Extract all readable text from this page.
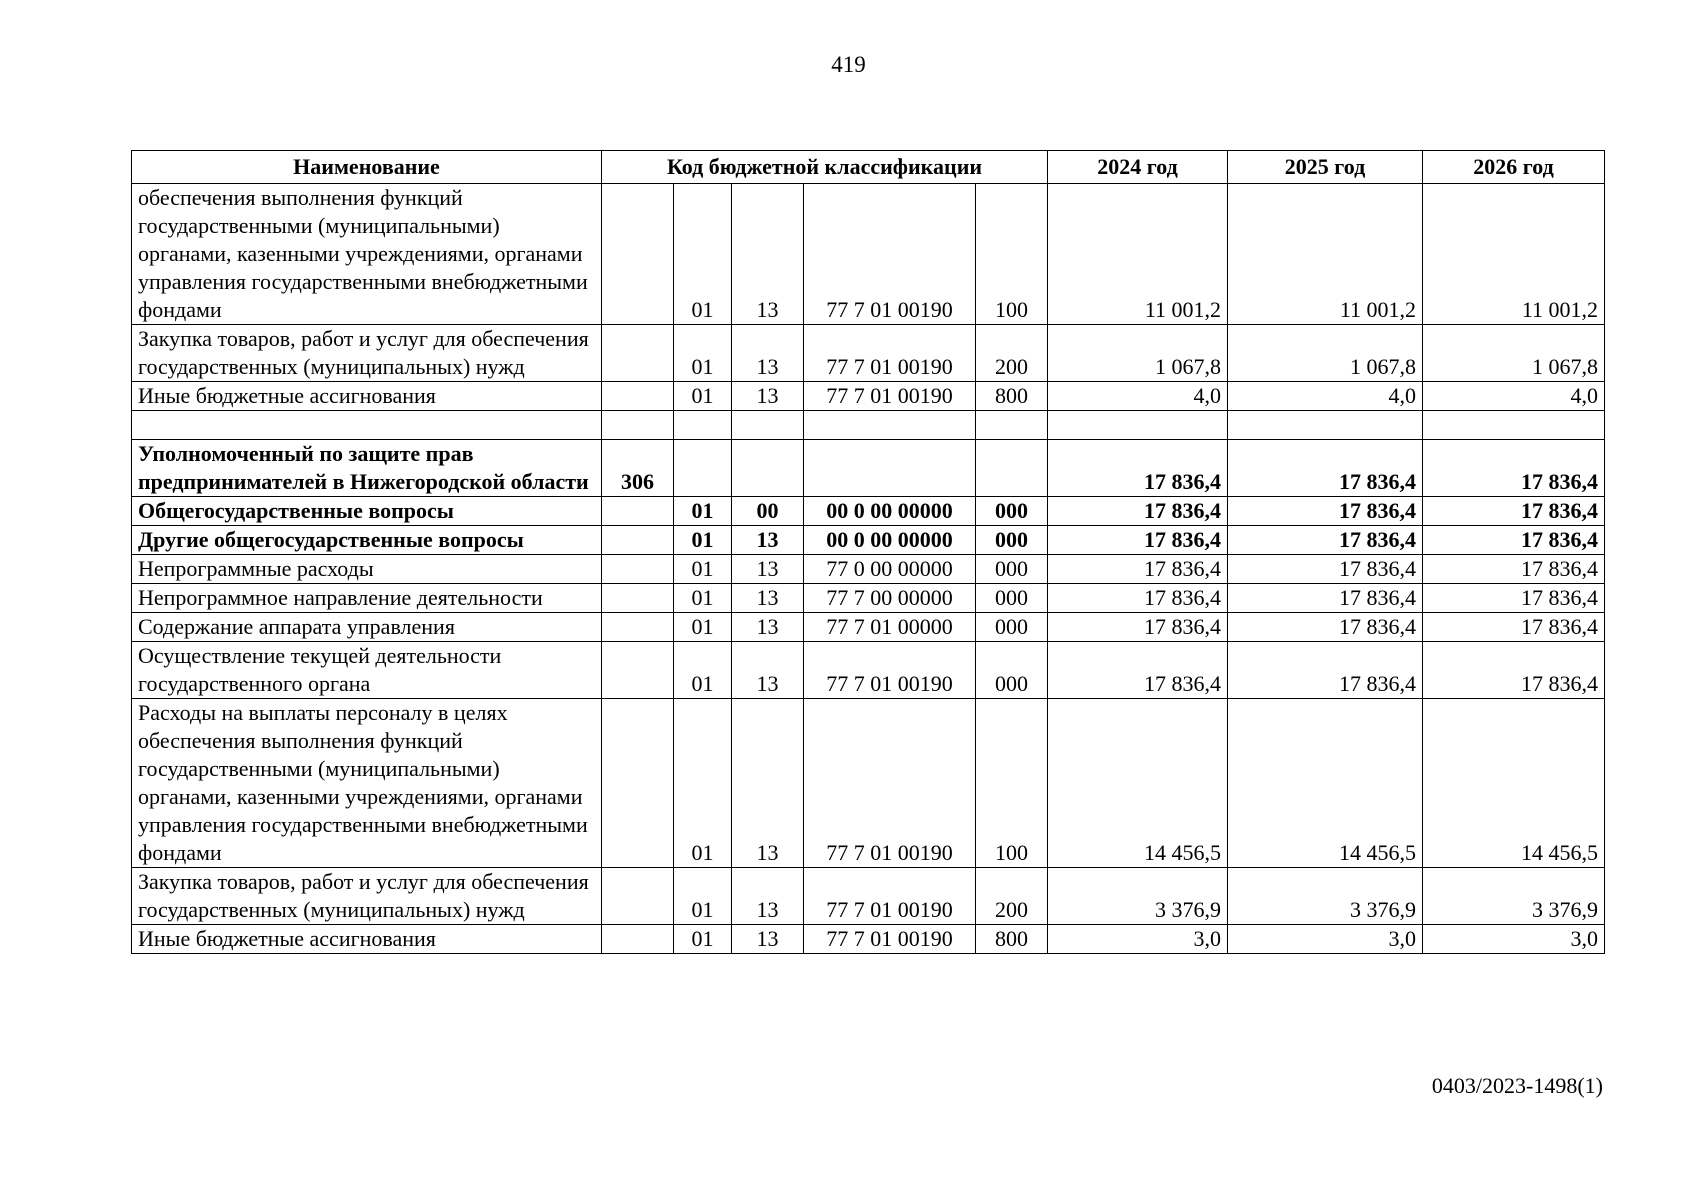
419
Наименование	Код бюджетной классификации					2024 год	2025 год	2026 год
обеспечения выполнения функций государственными (муниципальными) органами, казенными учреждениями, органами управления государственными внебюджетными фондами		01	13	77 7 01 00190	100	11 001,2	11 001,2	11 001,2
Закупка товаров, работ и услуг для обеспечения государственных (муниципальных) нужд		01	13	77 7 01 00190	200	1 067,8	1 067,8	1 067,8
Иные бюджетные ассигнования		01	13	77 7 01 00190	800	4,0	4,0	4,0

Уполномоченный по защите прав предпринимателей в Нижегородской области	306					17 836,4	17 836,4	17 836,4
Общегосударственные вопросы		01	00	00 0 00 00000	000	17 836,4	17 836,4	17 836,4
Другие общегосударственные вопросы		01	13	00 0 00 00000	000	17 836,4	17 836,4	17 836,4
Непрограммные расходы		01	13	77 0 00 00000	000	17 836,4	17 836,4	17 836,4
Непрограммное направление деятельности		01	13	77 7 00 00000	000	17 836,4	17 836,4	17 836,4
Содержание аппарата управления		01	13	77 7 01 00000	000	17 836,4	17 836,4	17 836,4
Осуществление текущей деятельности государственного органа		01	13	77 7 01 00190	000	17 836,4	17 836,4	17 836,4
Расходы на выплаты персоналу в целях обеспечения выполнения функций государственными (муниципальными) органами, казенными учреждениями, органами управления государственными внебюджетными фондами		01	13	77 7 01 00190	100	14 456,5	14 456,5	14 456,5
Закупка товаров, работ и услуг для обеспечения государственных (муниципальных) нужд		01	13	77 7 01 00190	200	3 376,9	3 376,9	3 376,9
Иные бюджетные ассигнования		01	13	77 7 01 00190	800	3,0	3,0	3,0
0403/2023-1498(1)
